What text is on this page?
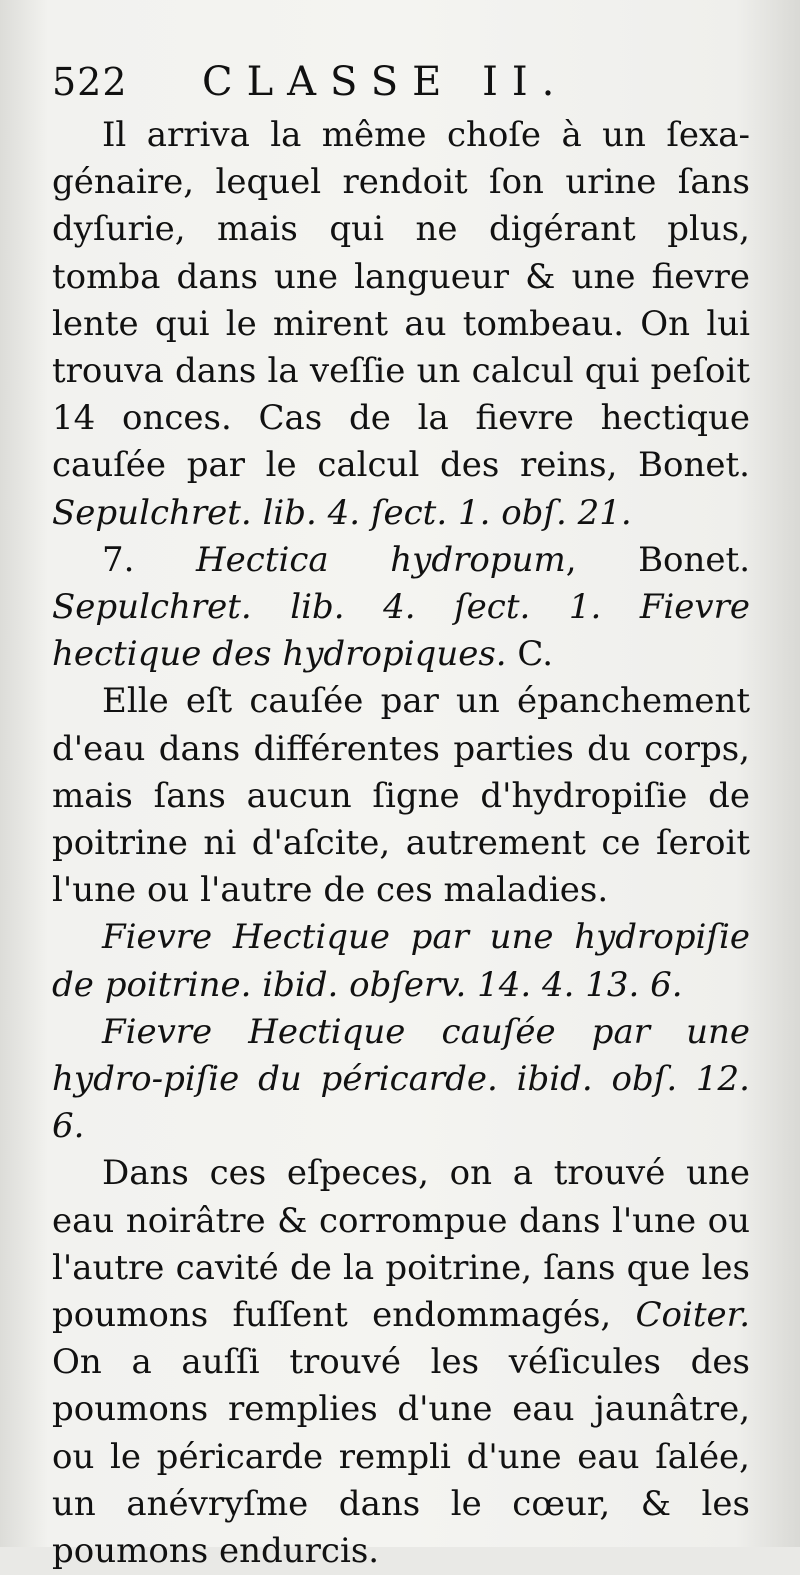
522	CLASSE II.

Il arriva la même choſe à un ſexa-génaire, lequel rendoit ſon urine ſans dyſurie, mais qui ne digérant plus, tomba dans une langueur & une fievre lente qui le mirent au tombeau. On lui trouva dans la veſſie un calcul qui peſoit 14 onces. Cas de la fievre hectique cauſée par le calcul des reins, Bonet. Sepulchret. lib. 4. ſect. 1. obſ. 21.

7. Hectica hydropum, Bonet. Sepulchret. lib. 4. ſect. 1. Fievre hectique des hydropiques. C.

Elle eſt cauſée par un épanchement d'eau dans différentes parties du corps, mais ſans aucun ſigne d'hydropiſie de poitrine ni d'aſcite, autrement ce ſeroit l'une ou l'autre de ces maladies.

Fievre Hectique par une hydropiſie de poitrine. ibid. obſerv. 14. 4. 13. 6.

Fievre Hectique cauſée par une hydro-piſie du péricarde. ibid. obſ. 12. 6.

Dans ces eſpeces, on a trouvé une eau noirâtre & corrompue dans l'une ou l'autre cavité de la poitrine, ſans que les poumons fuſſent endommagés, Coiter. On a auſſi trouvé les véſicules des poumons remplies d'une eau jaunâtre, ou le péricarde rempli d'une eau ſalée, un anévryſme dans le cœur, & les poumons endurcis.
